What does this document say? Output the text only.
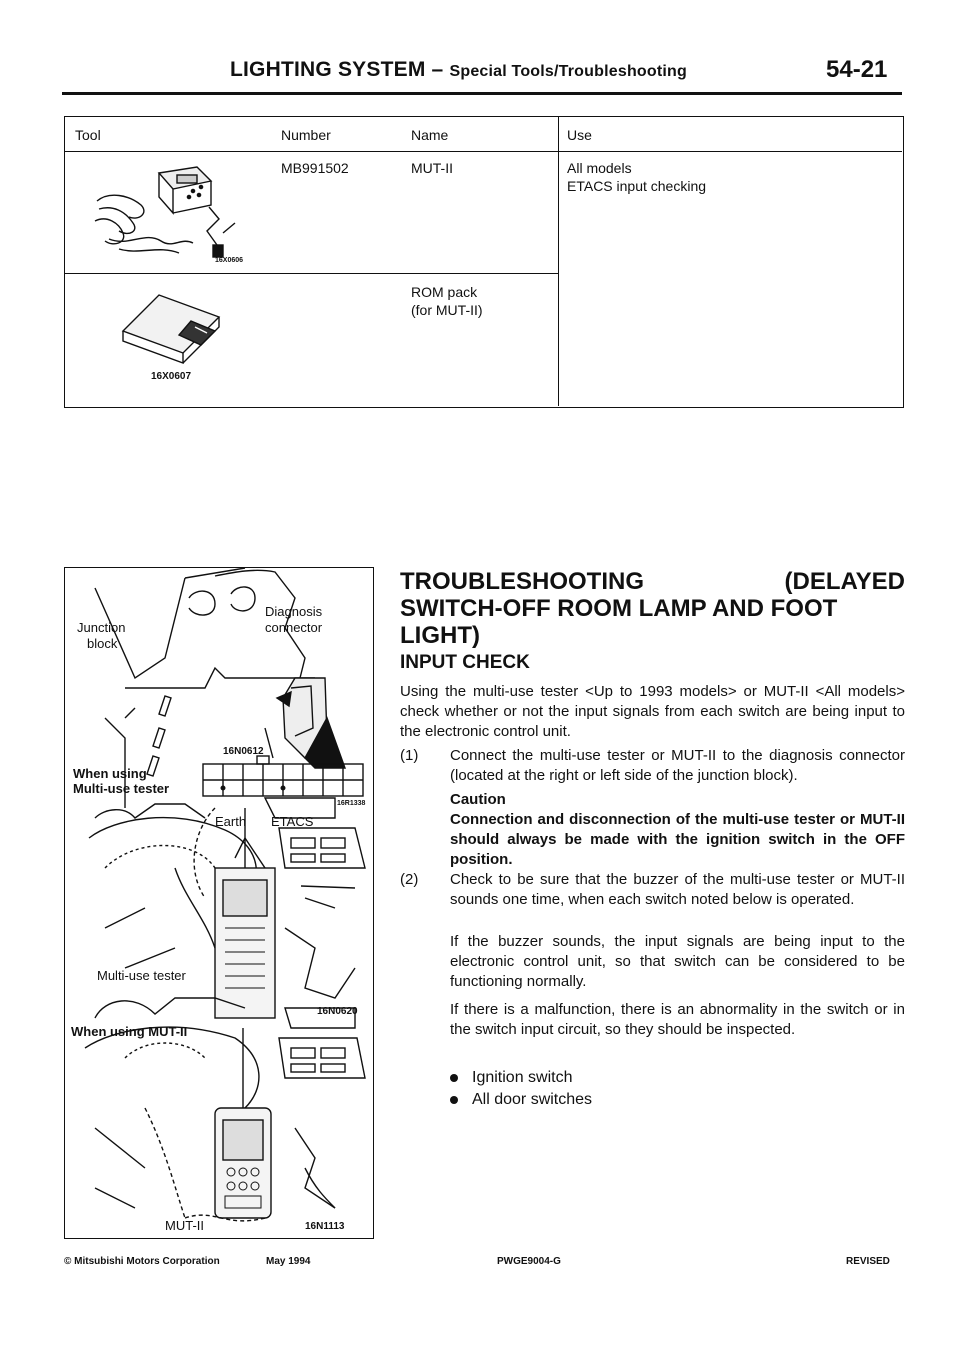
LIGHTING SYSTEM – Special Tools/Troubleshooting	54-21
Tool	Number	Name	Use
16X0606
MB991502	MUT-II	All models
ETACS input checking
16X0607
ROM pack
(for MUT-II)
Junction
block
Diagnosis
connector
16N0612
When using
Multi-use tester
16R1338
Earth ETACS
Multi-use tester
16N0620
When using MUT-II
MUT-II	16N1113
TROUBLESHOOTING	(DELAYED
SWITCH-OFF ROOM LAMP AND FOOT
LIGHT)
INPUT CHECK
Using the multi-use tester <Up to 1993 models> or MUT-II <All models> check whether or not the input signals from each switch are being input to the electronic control unit.
(1) Connect the multi-use tester or MUT-II to the diagnosis connector (located at the right or left side of the junction block).
Caution
Connection and disconnection of the multi-use tester or MUT-II should always be made with the ignition switch in the OFF position.
(2) Check to be sure that the buzzer of the multi-use tester or MUT-II sounds one time, when each switch noted below is operated.
If the buzzer sounds, the input signals are being input to the electronic control unit, so that switch can be considered to be functioning normally.
If there is a malfunction, there is an abnormality in the switch or in the switch input circuit, so they should be inspected.
Ignition switch
All door switches
© Mitsubishi Motors Corporation	May 1994	PWGE9004-G	REVISED
